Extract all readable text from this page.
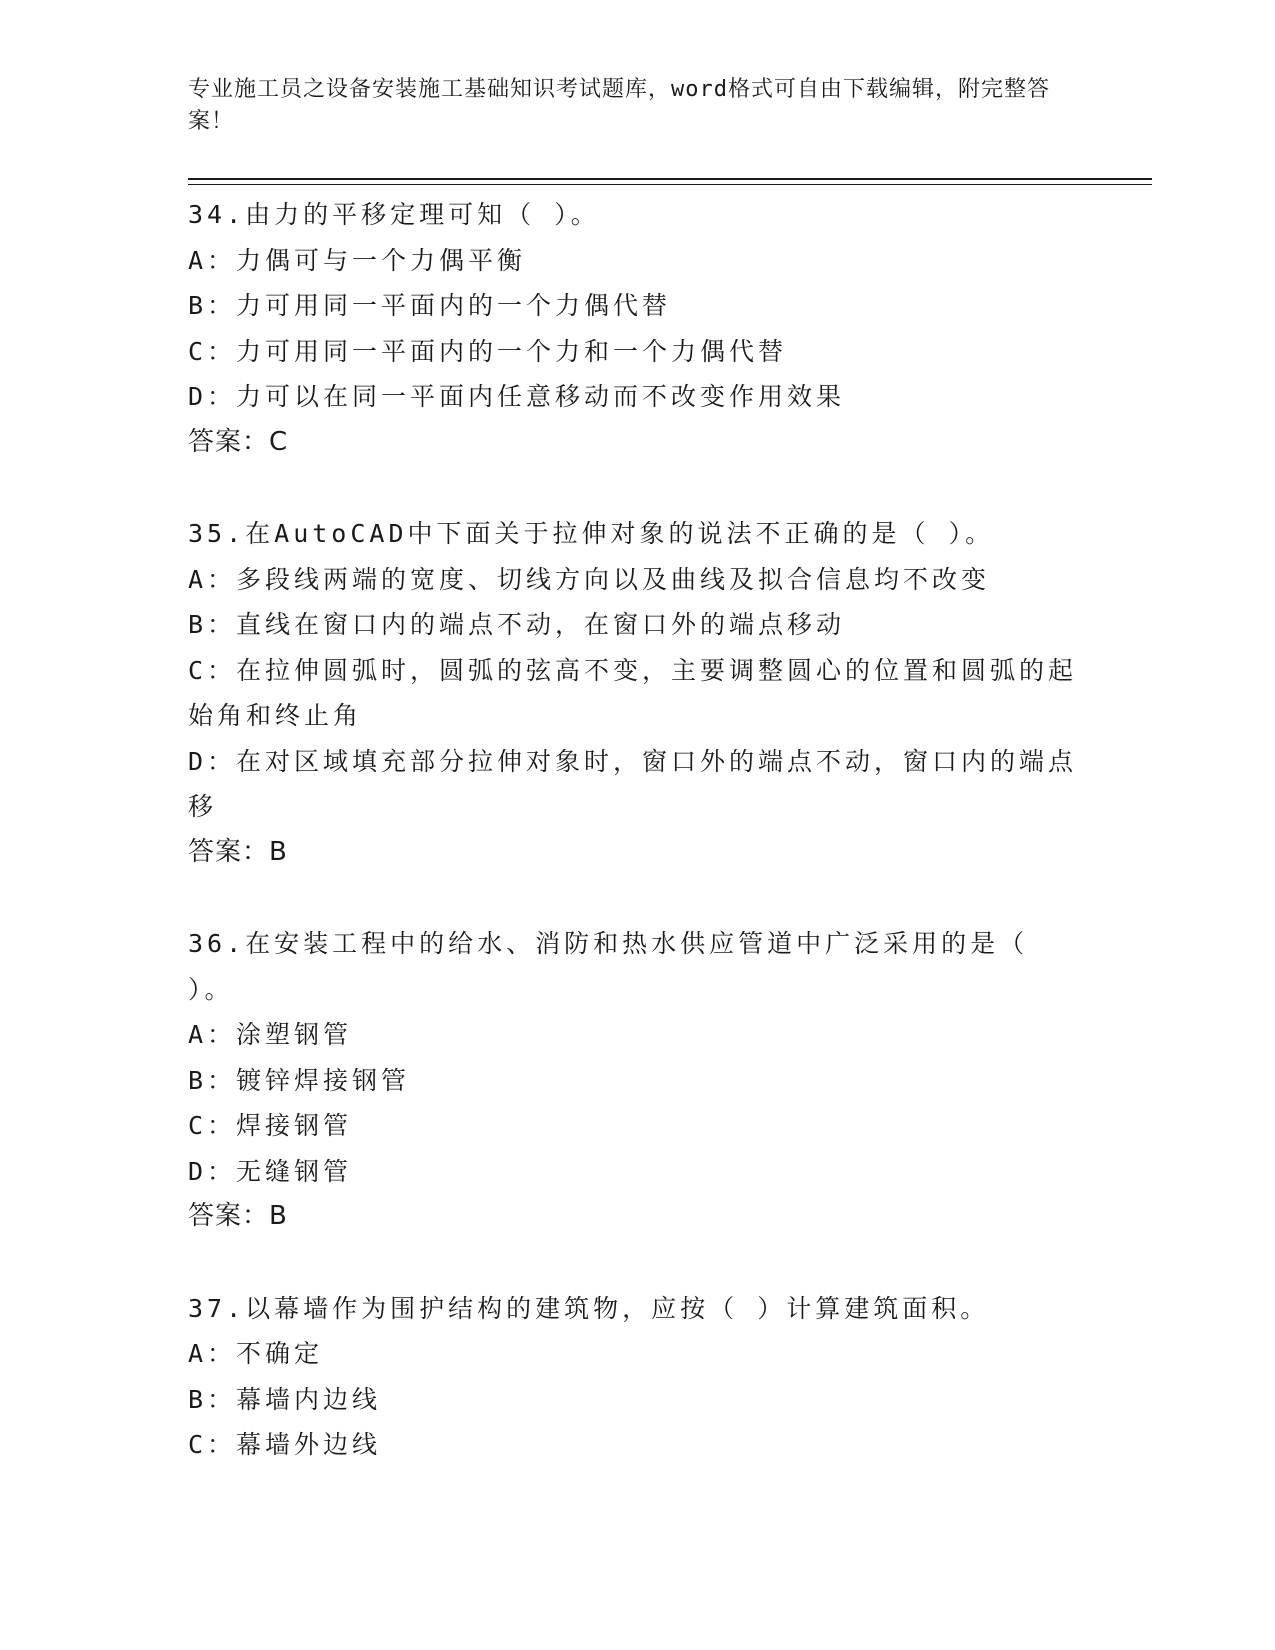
专业施工员之设备安装施工基础知识考试题库，word格式可自由下载编辑，附完整答案！
34.由力的平移定理可知（ ）。
A：力偶可与一个力偶平衡
B：力可用同一平面内的一个力偶代替
C：力可用同一平面内的一个力和一个力偶代替
D：力可以在同一平面内任意移动而不改变作用效果
答案：C
35.在AutoCAD中下面关于拉伸对象的说法不正确的是（ ）。
A：多段线两端的宽度、切线方向以及曲线及拟合信息均不改变
B：直线在窗口内的端点不动，在窗口外的端点移动
C：在拉伸圆弧时，圆弧的弦高不变，主要调整圆心的位置和圆弧的起始角和终止角
D：在对区域填充部分拉伸对象时，窗口外的端点不动，窗口内的端点移
答案：B
36.在安装工程中的给水、消防和热水供应管道中广泛采用的是（ ）。
A：涂塑钢管
B：镀锌焊接钢管
C：焊接钢管
D：无缝钢管
答案：B
37.以幕墙作为围护结构的建筑物，应按（ ）计算建筑面积。
A：不确定
B：幕墙内边线
C：幕墙外边线
